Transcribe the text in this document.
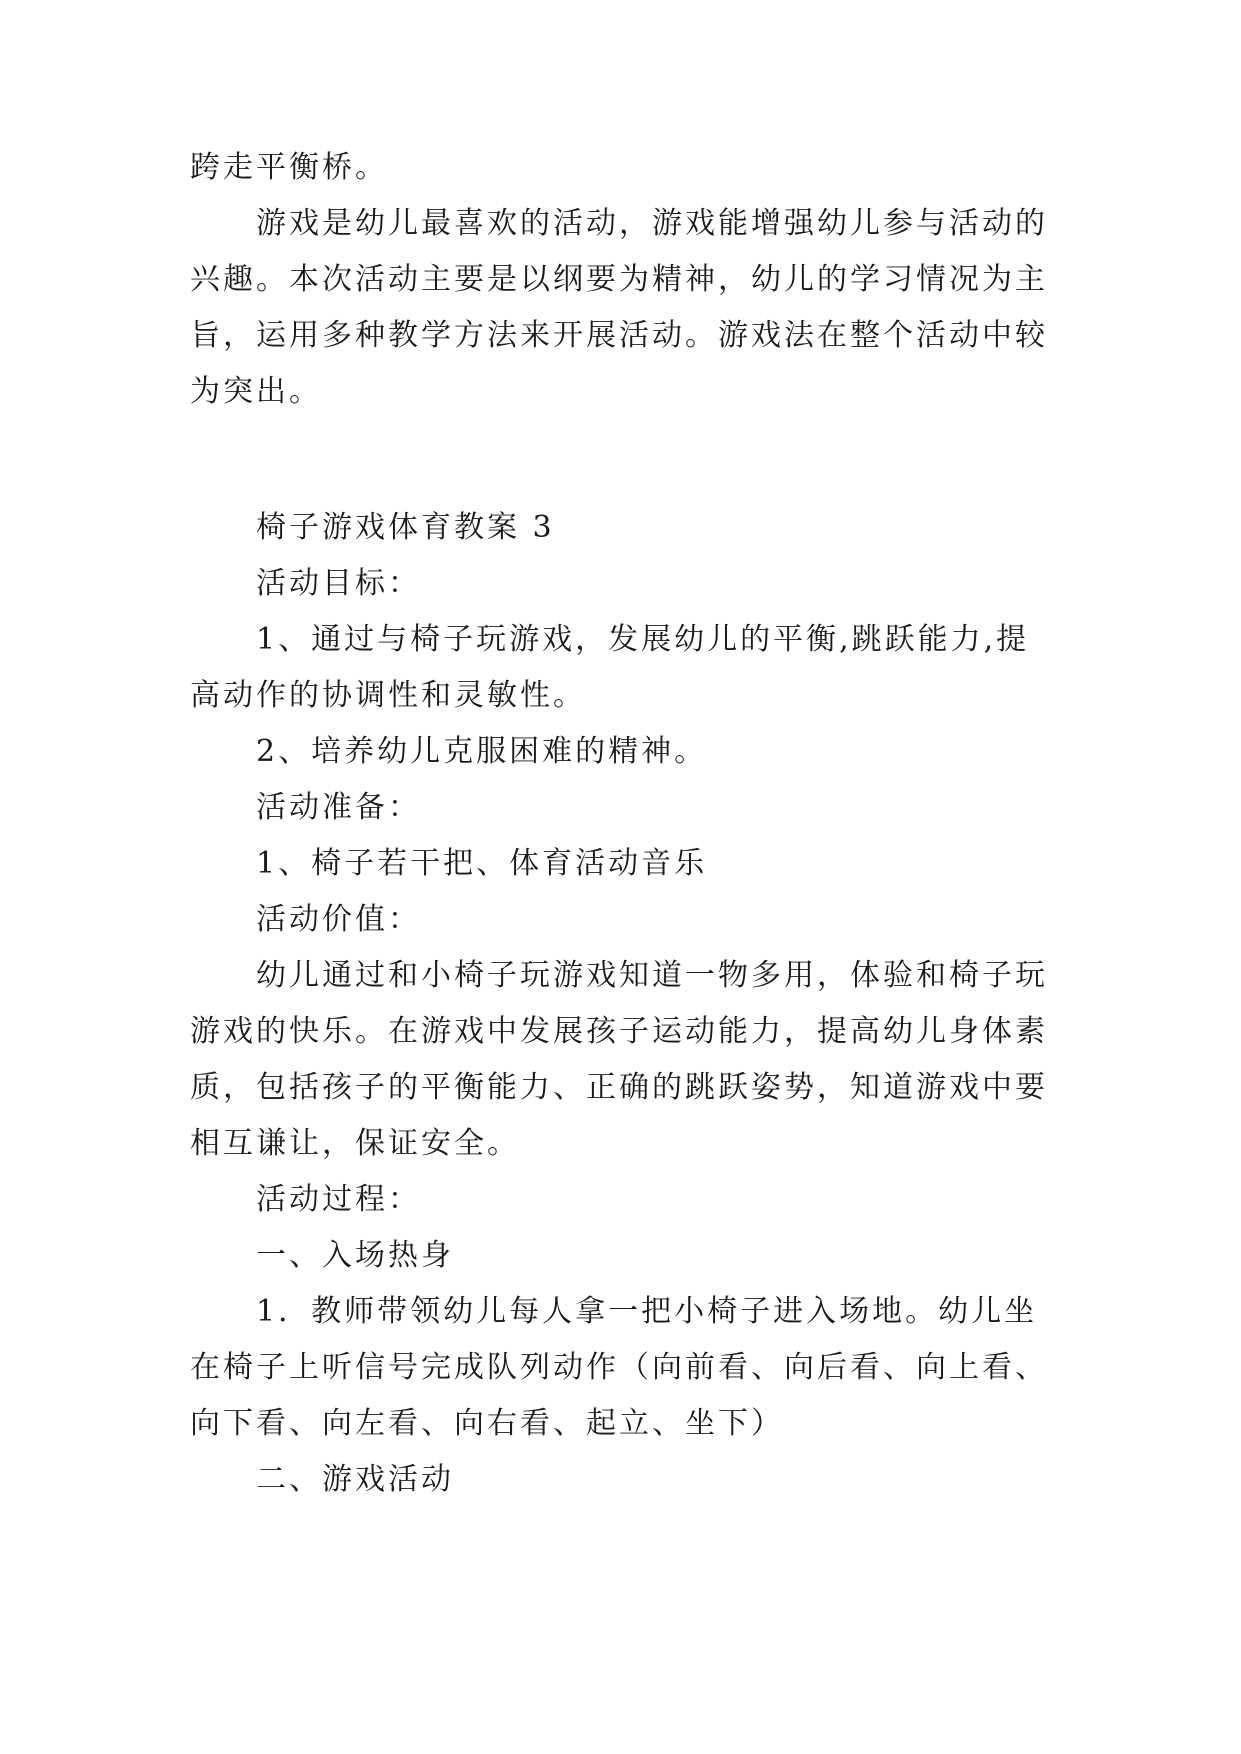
跨走平衡桥。
游戏是幼儿最喜欢的活动，游戏能增强幼儿参与活动的
兴趣。本次活动主要是以纲要为精神，幼儿的学习情况为主
旨，运用多种教学方法来开展活动。游戏法在整个活动中较
为突出。
椅子游戏体育教案 3
活动目标：
1、通过与椅子玩游戏，发展幼儿的平衡,跳跃能力,提
高动作的协调性和灵敏性。
2、培养幼儿克服困难的精神。
活动准备：
1、椅子若干把、体育活动音乐
活动价值：
幼儿通过和小椅子玩游戏知道一物多用，体验和椅子玩
游戏的快乐。在游戏中发展孩子运动能力，提高幼儿身体素
质，包括孩子的平衡能力、正确的跳跃姿势，知道游戏中要
相互谦让，保证安全。
活动过程：
一、入场热身
1．教师带领幼儿每人拿一把小椅子进入场地。幼儿坐
在椅子上听信号完成队列动作（向前看、向后看、向上看、
向下看、向左看、向右看、起立、坐下）
二、游戏活动
